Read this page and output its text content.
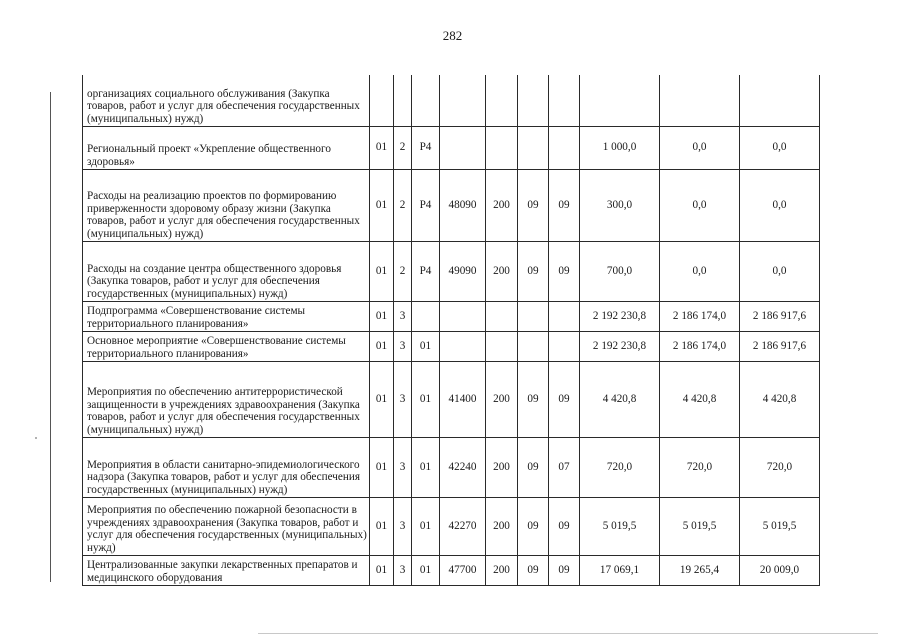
282
организациях социального обслуживания (Закупка товаров, работ и услуг для обеспечения государственных (муниципальных) нужд)										
Региональный проект «Укрепление общественного здоровья»	01	2	P4					1 000,0	0,0	0,0
Расходы на реализацию проектов по формированию приверженности здоровому образу жизни (Закупка товаров, работ и услуг для обеспечения государственных (муниципальных) нужд)	01	2	P4	48090	200	09	09	300,0	0,0	0,0
Расходы на создание центра общественного здоровья (Закупка товаров, работ и услуг для обеспечения государственных (муниципальных) нужд)	01	2	P4	49090	200	09	09	700,0	0,0	0,0
Подпрограмма «Совершенствование системы территориального планирования»	01	3						2 192 230,8	2 186 174,0	2 186 917,6
Основное мероприятие «Совершенствование системы территориального планирования»	01	3	01					2 192 230,8	2 186 174,0	2 186 917,6
Мероприятия по обеспечению антитеррористической защищенности в учреждениях здравоохранения (Закупка товаров, работ и услуг для обеспечения государственных (муниципальных) нужд)	01	3	01	41400	200	09	09	4 420,8	4 420,8	4 420,8
Мероприятия в области санитарно-эпидемиологического надзора (Закупка товаров, работ и услуг для обеспечения государственных (муниципальных) нужд)	01	3	01	42240	200	09	07	720,0	720,0	720,0
Мероприятия по обеспечению пожарной безопасности в учреждениях здравоохранения (Закупка товаров, работ и услуг для обеспечения государственных (муниципальных) нужд)	01	3	01	42270	200	09	09	5 019,5	5 019,5	5 019,5
Централизованные закупки лекарственных препаратов и медицинского оборудования	01	3	01	47700	200	09	09	17 069,1	19 265,4	20 009,0
